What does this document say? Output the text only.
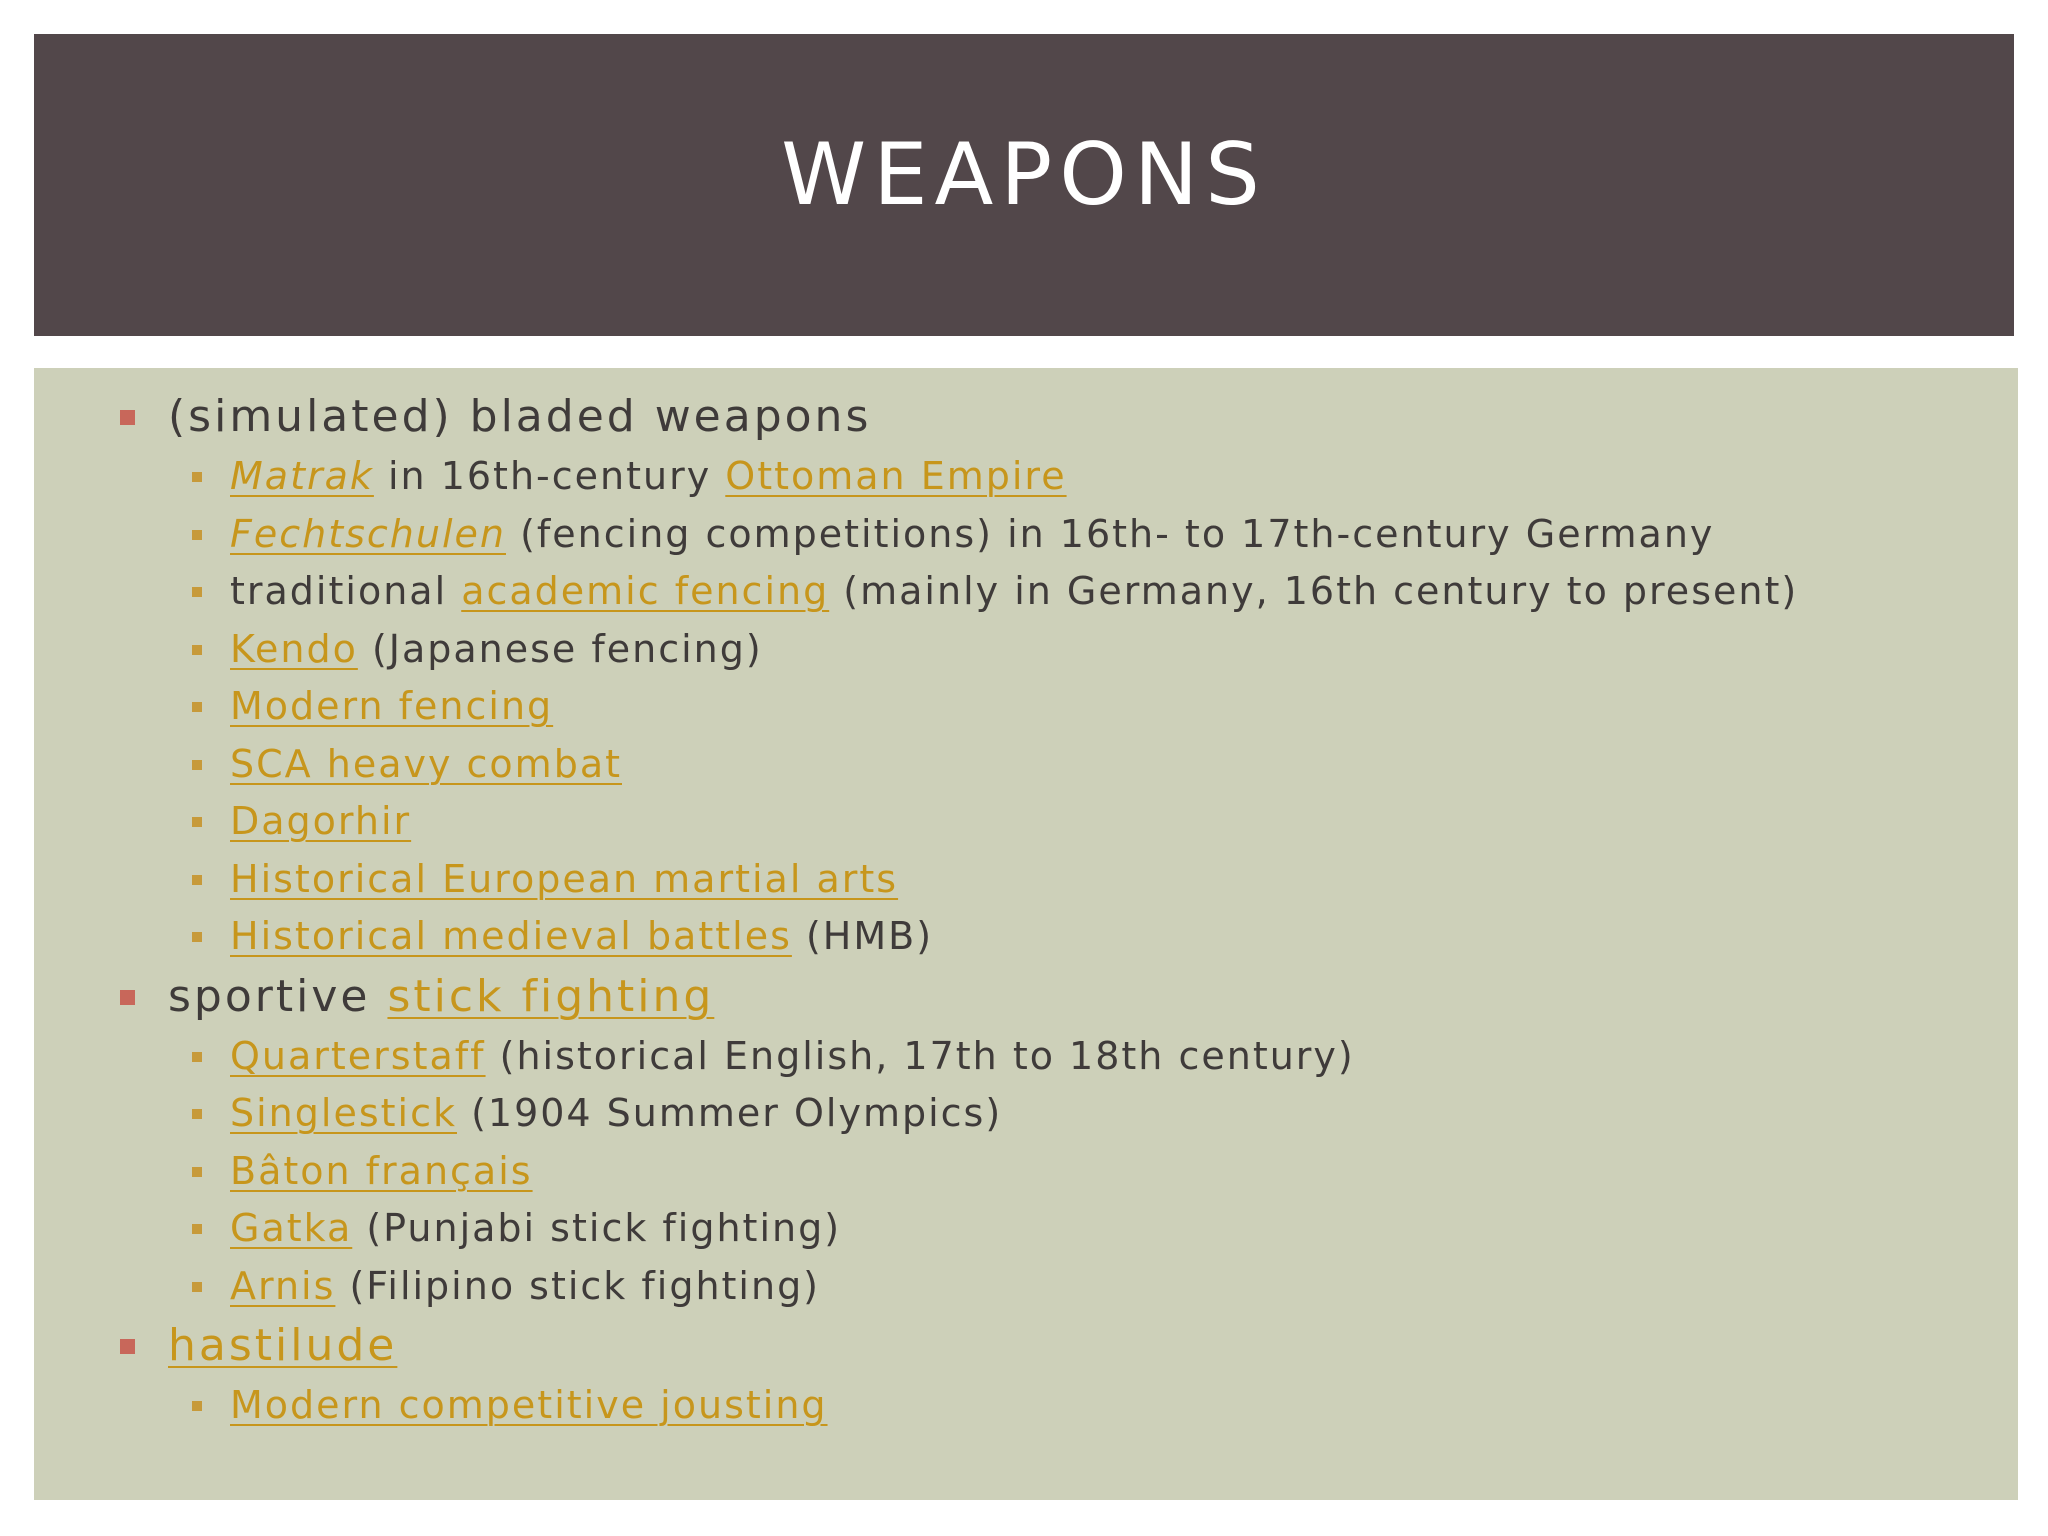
WEAPONS
(simulated) bladed weapons
Matrak in 16th-century Ottoman Empire
Fechtschulen (fencing competitions) in 16th- to 17th-century Germany
traditional academic fencing (mainly in Germany, 16th century to present)
Kendo (Japanese fencing)
Modern fencing
SCA heavy combat
Dagorhir
Historical European martial arts
Historical medieval battles (HMB)
sportive stick fighting
Quarterstaff (historical English, 17th to 18th century)
Singlestick (1904 Summer Olympics)
Bâton français
Gatka (Punjabi stick fighting)
Arnis (Filipino stick fighting)
hastilude
Modern competitive jousting
